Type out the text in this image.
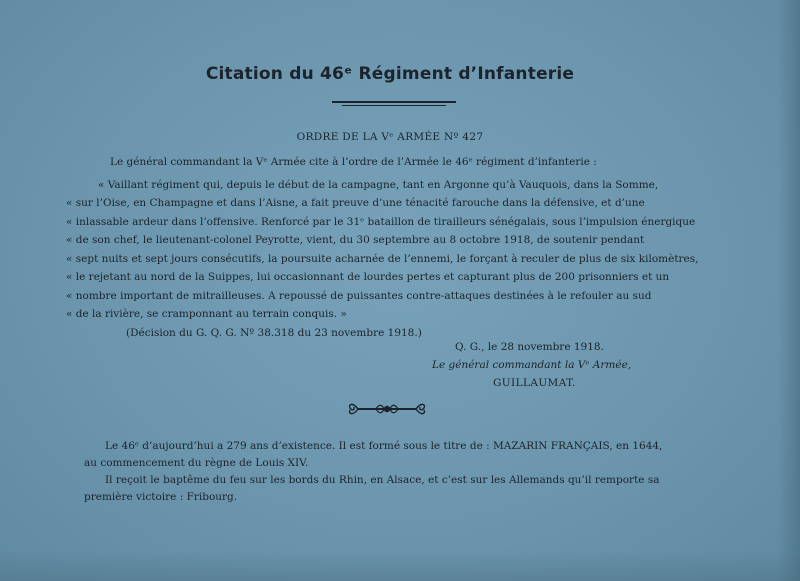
Citation du 46ᵉ Régiment d’Infanterie
ORDRE DE LA Vᵉ ARMÉE Nº 427
Le général commandant la Vᵉ Armée cite à l’ordre de l’Armée le 46ᵉ régiment d’infanterie :
« Vaillant régiment qui, depuis le début de la campagne, tant en Argonne qu’à Vauquois, dans la Somme,
« sur l’Oise, en Champagne et dans l’Aisne, a fait preuve d’une ténacité farouche dans la défensive, et d’une
« inlassable ardeur dans l’offensive. Renforcé par le 31ᵉ bataillon de tirailleurs sénégalais, sous l’impulsion énergique
« de son chef, le lieutenant-colonel Peyrotte, vient, du 30 septembre au 8 octobre 1918, de soutenir pendant
« sept nuits et sept jours consécutifs, la poursuite acharnée de l’ennemi, le forçant à reculer de plus de six kilomètres,
« le rejetant au nord de la Suippes, lui occasionnant de lourdes pertes et capturant plus de 200 prisonniers et un
« nombre important de mitrailleuses. A repoussé de puissantes contre-attaques destinées à le refouler au sud
« de la rivière, se cramponnant au terrain conquis. »
(Décision du G. Q. G. Nº 38.318 du 23 novembre 1918.)
Q. G., le 28 novembre 1918.
Le général commandant la Vᵉ Armée,
GUILLAUMAT.
Le 46ᵉ d’aujourd’hui a 279 ans d’existence. Il est formé sous le titre de : MAZARIN FRANÇAIS, en 1644,
au commencement du règne de Louis XIV.
Il reçoit le baptême du feu sur les bords du Rhin, en Alsace, et c’est sur les Allemands qu’il remporte sa
première victoire : Fribourg.
